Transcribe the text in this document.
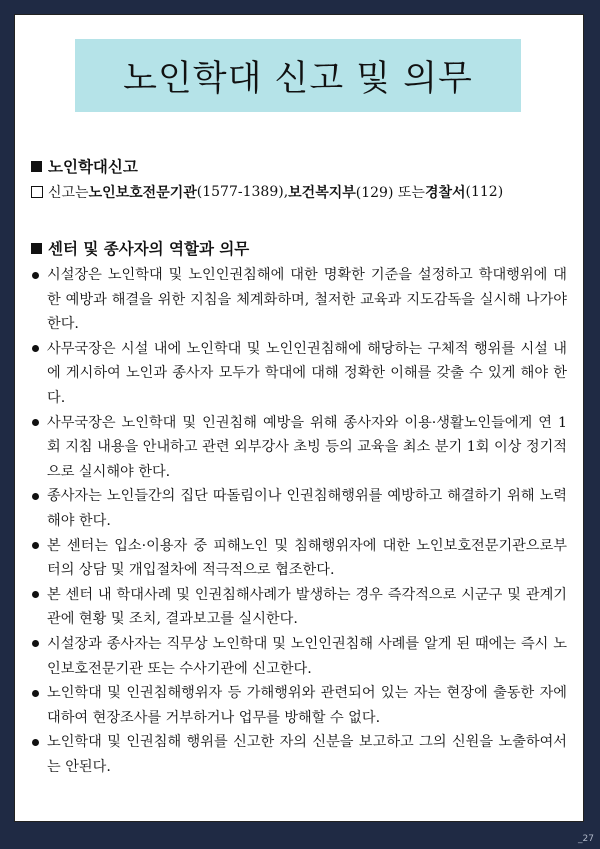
노인학대 신고 및 의무
노인학대신고
신고는 노인보호전문기관 (1577-1389), 보건복지부 (129) 또는 경찰서 (112)
센터 및 종사자의 역할과 의무
시설장은 노인학대 및 노인인권침해에 대한 명확한 기준을 설정하고 학대행위에 대한 예방과 해결을 위한 지침을 체계화하며, 철저한 교육과 지도감독을 실시해 나가야 한다.
사무국장은 시설 내에 노인학대 및 노인인권침해에 해당하는 구체적 행위를 시설 내에 게시하여 노인과 종사자 모두가 학대에 대해 정확한 이해를 갖출 수 있게 해야 한다.
사무국장은 노인학대 및 인권침해 예방을 위해 종사자와 이용·생활노인들에게 연 1회 지침 내용을 안내하고 관련 외부강사 초빙 등의 교육을 최소 분기 1회 이상 정기적으로 실시해야 한다.
종사자는 노인들간의 집단 따돌림이나 인권침해행위를 예방하고 해결하기 위해 노력해야 한다.
본 센터는 입소·이용자 중 피해노인 및 침해행위자에 대한 노인보호전문기관으로부터의 상담 및 개입절차에 적극적으로 협조한다.
본 센터 내 학대사례 및 인권침해사례가 발생하는 경우 즉각적으로 시군구 및 관계기관에 현황 및 조치, 결과보고를 실시한다.
시설장과 종사자는 직무상 노인학대 및 노인인권침해 사례를 알게 된 때에는 즉시 노인보호전문기관 또는 수사기관에 신고한다.
노인학대 및 인권침해행위자 등 가해행위와 관련되어 있는 자는 현장에 출동한 자에 대하여 현장조사를 거부하거나 업무를 방해할 수 없다.
노인학대 및 인권침해 행위를 신고한 자의 신분을 보고하고 그의 신원을 노출하여서는 안된다.
_27
